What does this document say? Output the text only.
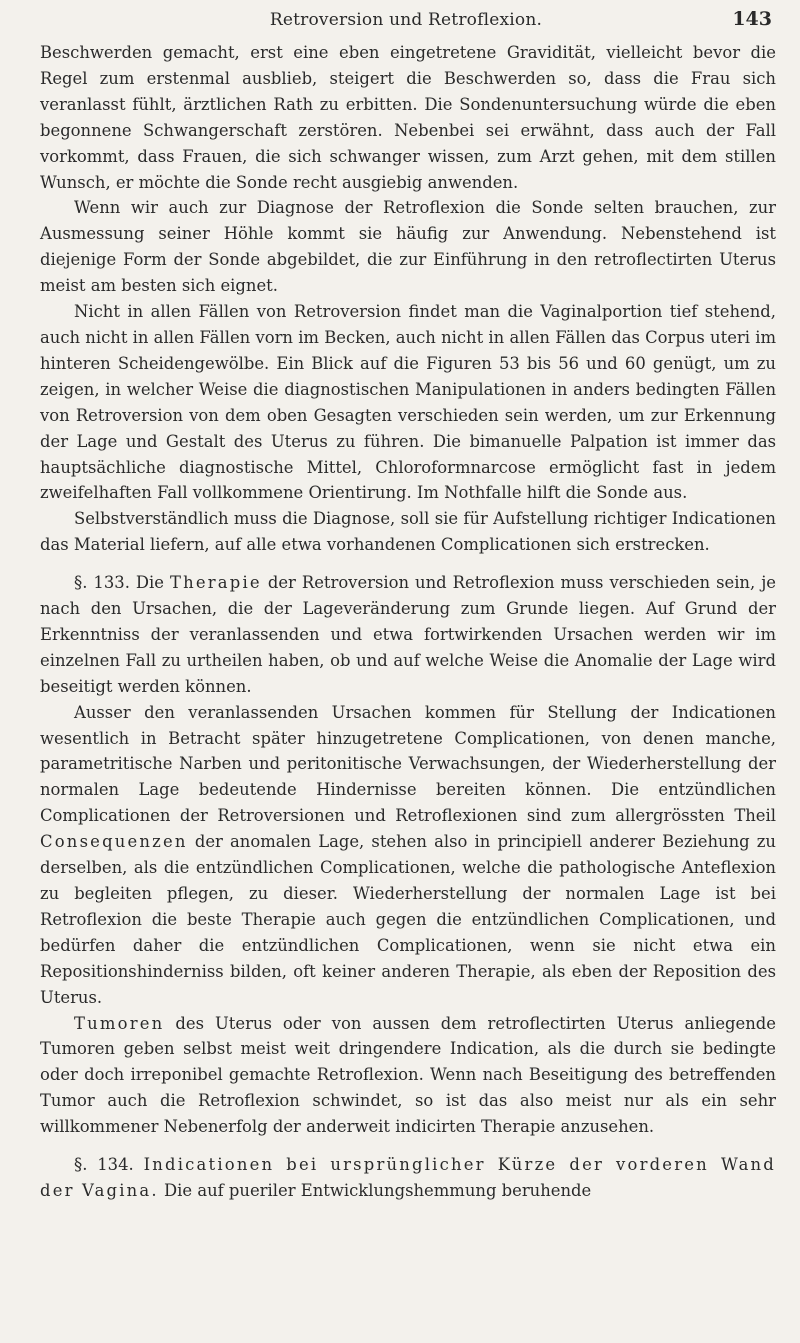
Retroversion und Retroflexion.	143

Beschwerden gemacht, erst eine eben eingetretene Gravidität, vielleicht bevor die Regel zum erstenmal ausblieb, steigert die Beschwerden so, dass die Frau sich veranlasst fühlt, ärztlichen Rath zu erbitten. Die Sondenuntersuchung würde die eben begonnene Schwangerschaft zerstören. Nebenbei sei erwähnt, dass auch der Fall vorkommt, dass Frauen, die sich schwanger wissen, zum Arzt gehen, mit dem stillen Wunsch, er möchte die Sonde recht ausgiebig anwenden.

Wenn wir auch zur Diagnose der Retroflexion die Sonde selten brauchen, zur Ausmessung seiner Höhle kommt sie häufig zur Anwendung. Nebenstehend ist diejenige Form der Sonde abgebildet, die zur Einführung in den retroflectirten Uterus meist am besten sich eignet.

Nicht in allen Fällen von Retroversion findet man die Vaginalportion tief stehend, auch nicht in allen Fällen vorn im Becken, auch nicht in allen Fällen das Corpus uteri im hinteren Scheidengewölbe. Ein Blick auf die Figuren 53 bis 56 und 60 genügt, um zu zeigen, in welcher Weise die diagnostischen Manipulationen in anders bedingten Fällen von Retroversion von dem oben Gesagten verschieden sein werden, um zur Erkennung der Lage und Gestalt des Uterus zu führen. Die bimanuelle Palpation ist immer das hauptsächliche diagnostische Mittel, Chloroformnarcose ermöglicht fast in jedem zweifelhaften Fall vollkommene Orientirung. Im Nothfalle hilft die Sonde aus.

Selbstverständlich muss die Diagnose, soll sie für Aufstellung richtiger Indicationen das Material liefern, auf alle etwa vorhandenen Complicationen sich erstrecken.

§. 133. Die Therapie der Retroversion und Retroflexion muss verschieden sein, je nach den Ursachen, die der Lageveränderung zum Grunde liegen. Auf Grund der Erkenntniss der veranlassenden und etwa fortwirkenden Ursachen werden wir im einzelnen Fall zu urtheilen haben, ob und auf welche Weise die Anomalie der Lage wird beseitigt werden können.

Ausser den veranlassenden Ursachen kommen für Stellung der Indicationen wesentlich in Betracht später hinzugetretene Complicationen, von denen manche, parametritische Narben und peritonitische Verwachsungen, der Wiederherstellung der normalen Lage bedeutende Hindernisse bereiten können. Die entzündlichen Complicationen der Retroversionen und Retroflexionen sind zum allergrössten Theil Consequenzen der anomalen Lage, stehen also in principiell anderer Beziehung zu derselben, als die entzündlichen Complicationen, welche die pathologische Anteflexion zu begleiten pflegen, zu dieser. Wiederherstellung der normalen Lage ist bei Retroflexion die beste Therapie auch gegen die entzündlichen Complicationen, und bedürfen daher die entzündlichen Complicationen, wenn sie nicht etwa ein Repositionshinderniss bilden, oft keiner anderen Therapie, als eben der Reposition des Uterus.

Tumoren des Uterus oder von aussen dem retroflectirten Uterus anliegende Tumoren geben selbst meist weit dringendere Indication, als die durch sie bedingte oder doch irreponibel gemachte Retroflexion. Wenn nach Beseitigung des betreffenden Tumor auch die Retroflexion schwindet, so ist das also meist nur als ein sehr willkommener Nebenerfolg der anderweit indicirten Therapie anzusehen.

§. 134. Indicationen bei ursprünglicher Kürze der vorderen Wand der Vagina. Die auf pueriler Entwicklungshemmung beruhende
